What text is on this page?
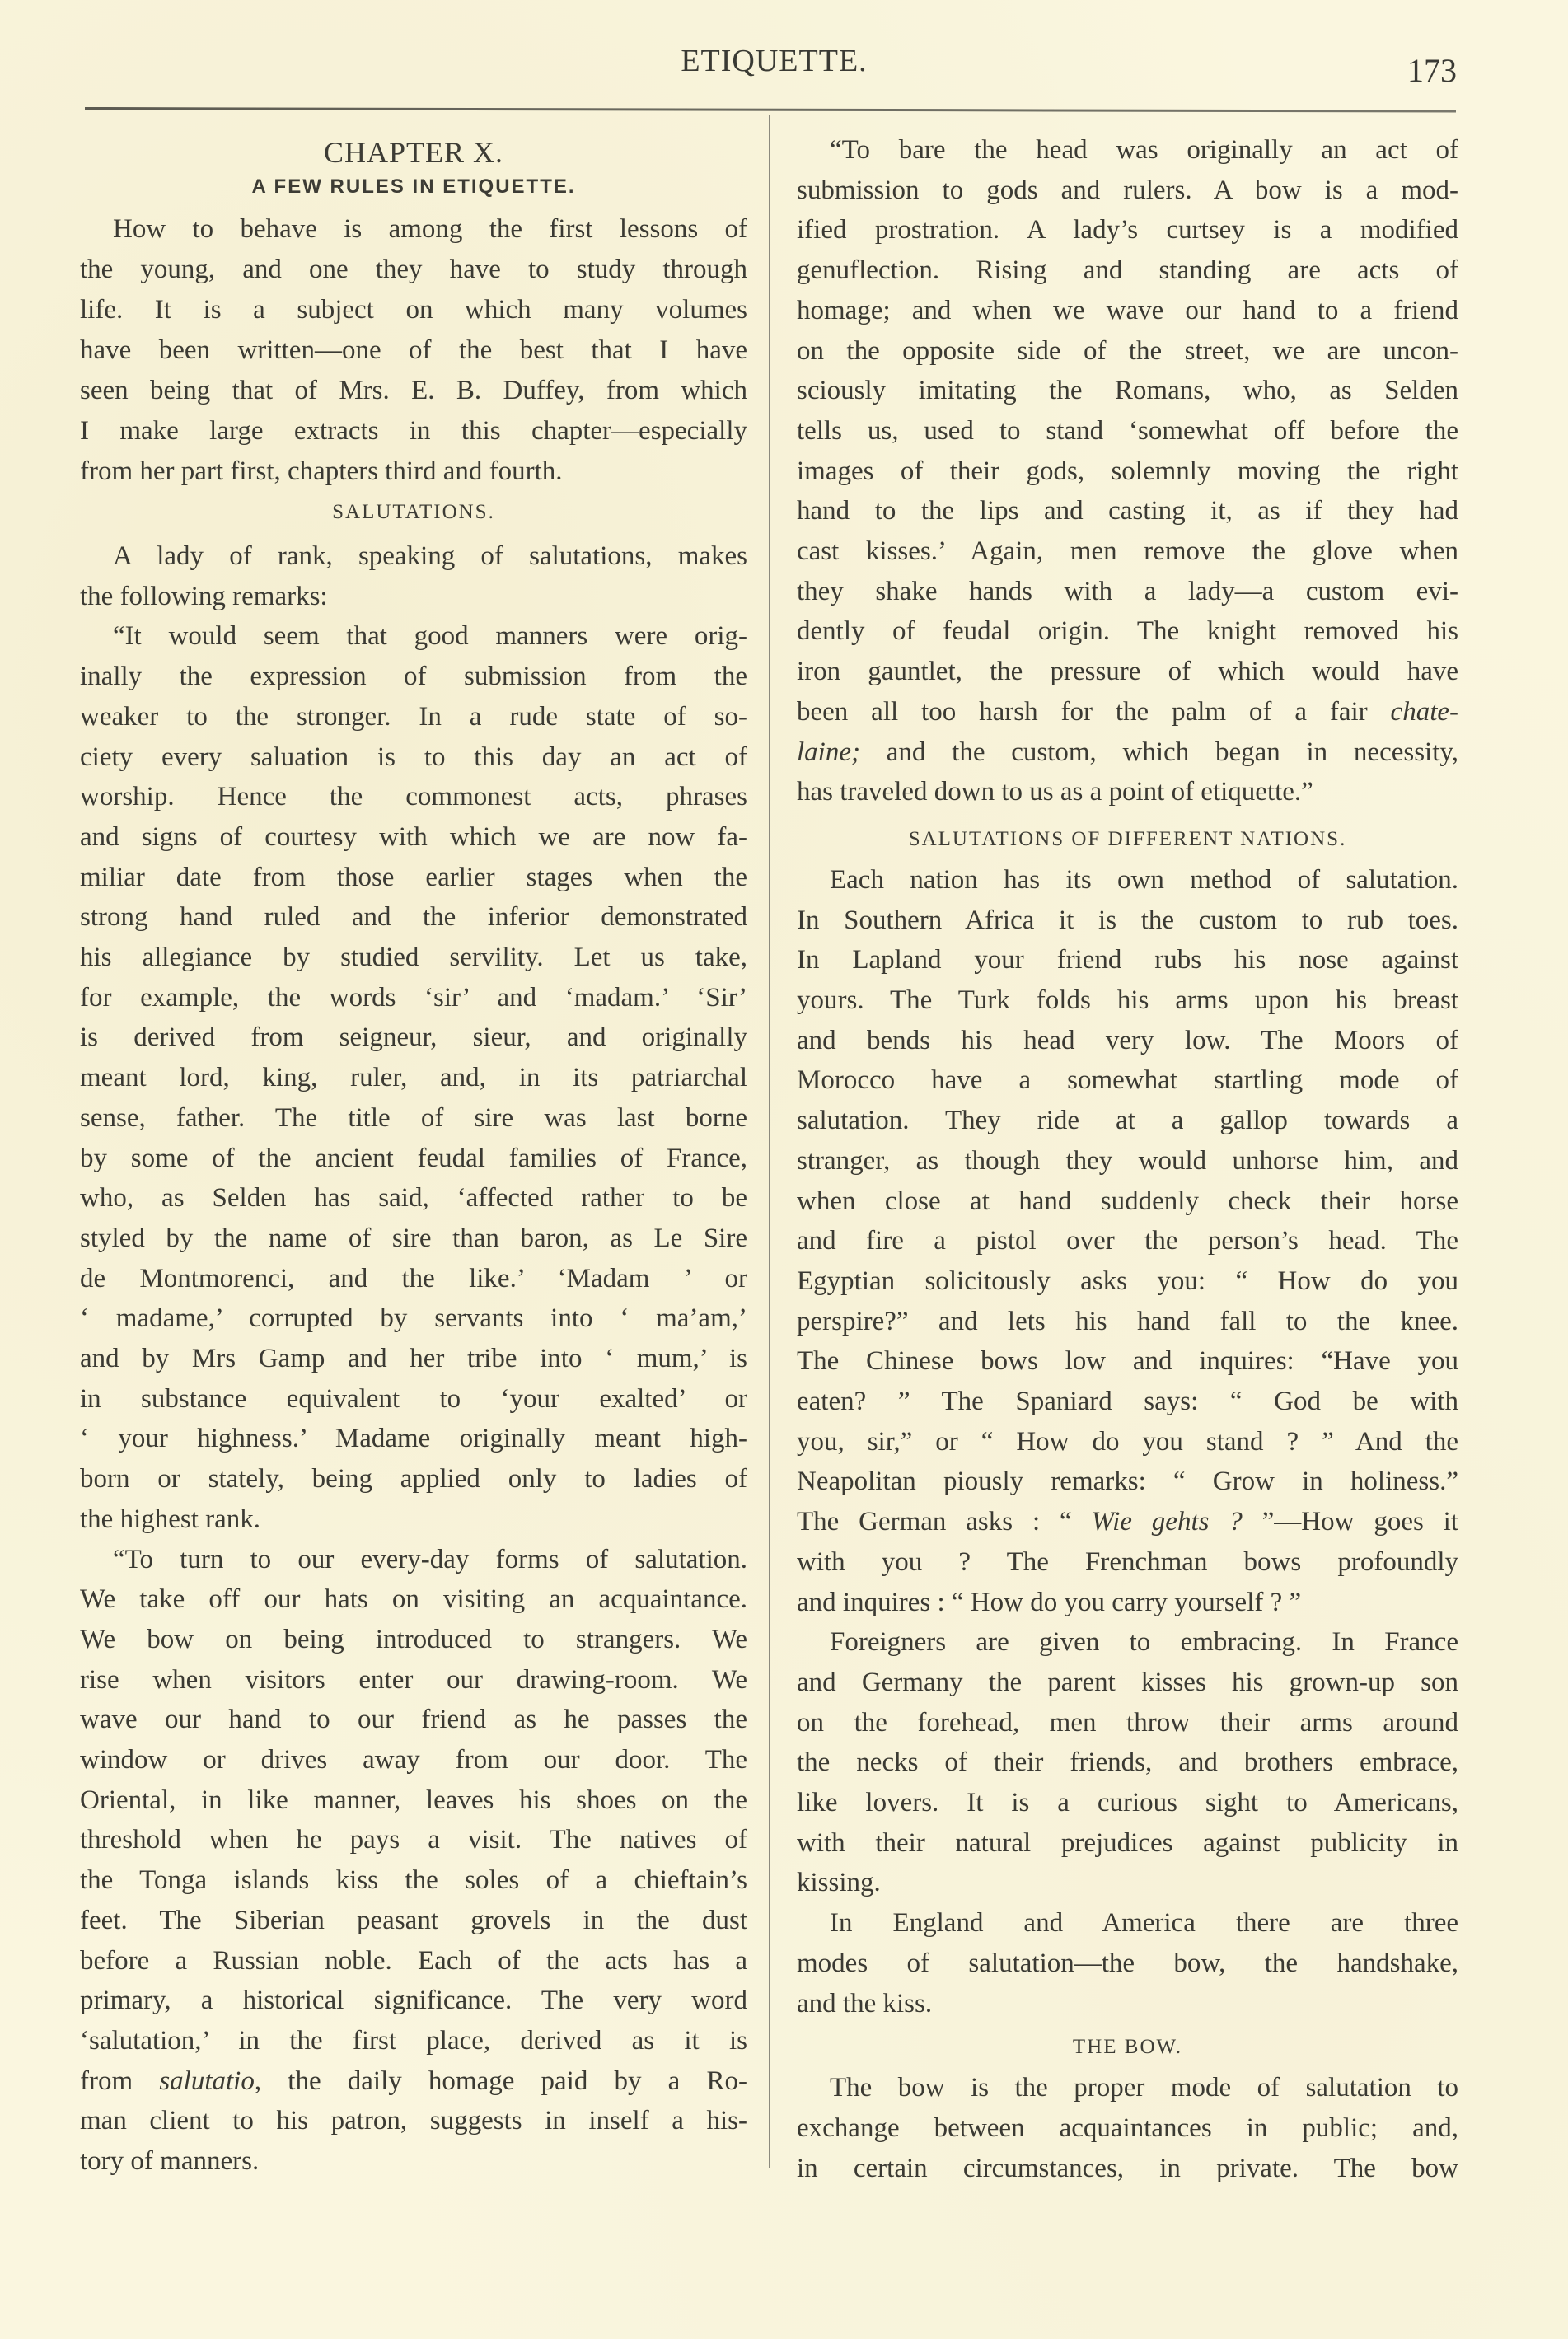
ETIQUETTE.	173
CHAPTER X.
A FEW RULES IN ETIQUETTE.
How to behave is among the first lessons of
the young, and one they have to study through
life. It is a subject on which many volumes
have been written—one of the best that I have
seen being that of Mrs. E. B. Duffey, from which
I make large extracts in this chapter—especially
from her part first, chapters third and fourth.
SALUTATIONS.
A lady of rank, speaking of salutations, makes
the following remarks:
“It would seem that good manners were orig-
inally the expression of submission from the
weaker to the stronger. In a rude state of so-
ciety every saluation is to this day an act of
worship. Hence the commonest acts, phrases
and signs of courtesy with which we are now fa-
miliar date from those earlier stages when the
strong hand ruled and the inferior demonstrated
his allegiance by studied servility. Let us take,
for example, the words ‘sir’ and ‘madam.’ ‘Sir’
is derived from seigneur, sieur, and originally
meant lord, king, ruler, and, in its patriarchal
sense, father. The title of sire was last borne
by some of the ancient feudal families of France,
who, as Selden has said, ‘affected rather to be
styled by the name of sire than baron, as Le Sire
de Montmorenci, and the like.’ ‘Madam ’ or
‘ madame,’ corrupted by servants into ‘ ma’am,’
and by Mrs Gamp and her tribe into ‘ mum,’ is
in substance equivalent to ‘your exalted’ or
‘ your highness.’ Madame originally meant high-
born or stately, being applied only to ladies of
the highest rank.
“To turn to our every-day forms of salutation.
We take off our hats on visiting an acquaintance.
We bow on being introduced to strangers. We
rise when visitors enter our drawing-room. We
wave our hand to our friend as he passes the
window or drives away from our door. The
Oriental, in like manner, leaves his shoes on the
threshold when he pays a visit. The natives of
the Tonga islands kiss the soles of a chieftain’s
feet. The Siberian peasant grovels in the dust
before a Russian noble. Each of the acts has a
primary, a historical significance. The very word
‘salutation,’ in the first place, derived as it is
from salutatio, the daily homage paid by a Ro-
man client to his patron, suggests in inself a his-
tory of manners.
“To bare the head was originally an act of
submission to gods and rulers. A bow is a mod-
ified prostration. A lady’s curtsey is a modified
genuflection. Rising and standing are acts of
homage; and when we wave our hand to a friend
on the opposite side of the street, we are uncon-
sciously imitating the Romans, who, as Selden
tells us, used to stand ‘somewhat off before the
images of their gods, solemnly moving the right
hand to the lips and casting it, as if they had
cast kisses.’ Again, men remove the glove when
they shake hands with a lady—a custom evi-
dently of feudal origin. The knight removed his
iron gauntlet, the pressure of which would have
been all too harsh for the palm of a fair chate-
laine; and the custom, which began in necessity,
has traveled down to us as a point of etiquette.”
SALUTATIONS OF DIFFERENT NATIONS.
Each nation has its own method of salutation.
In Southern Africa it is the custom to rub toes.
In Lapland your friend rubs his nose against
yours. The Turk folds his arms upon his breast
and bends his head very low. The Moors of
Morocco have a somewhat startling mode of
salutation. They ride at a gallop towards a
stranger, as though they would unhorse him, and
when close at hand suddenly check their horse
and fire a pistol over the person’s head. The
Egyptian solicitously asks you: “ How do you
perspire?” and lets his hand fall to the knee.
The Chinese bows low and inquires: “Have you
eaten? ” The Spaniard says: “ God be with
you, sir,” or “ How do you stand ? ” And the
Neapolitan piously remarks: “ Grow in holiness.”
The German asks : “ Wie gehts ? ”—How goes it
with you ? The Frenchman bows profoundly
and inquires : “ How do you carry yourself ? ”
Foreigners are given to embracing. In France
and Germany the parent kisses his grown-up son
on the forehead, men throw their arms around
the necks of their friends, and brothers embrace,
like lovers. It is a curious sight to Americans,
with their natural prejudices against publicity in
kissing.
In England and America there are three
modes of salutation—the bow, the handshake,
and the kiss.
THE BOW.
The bow is the proper mode of salutation to
exchange between acquaintances in public; and,
in certain circumstances, in private. The bow
